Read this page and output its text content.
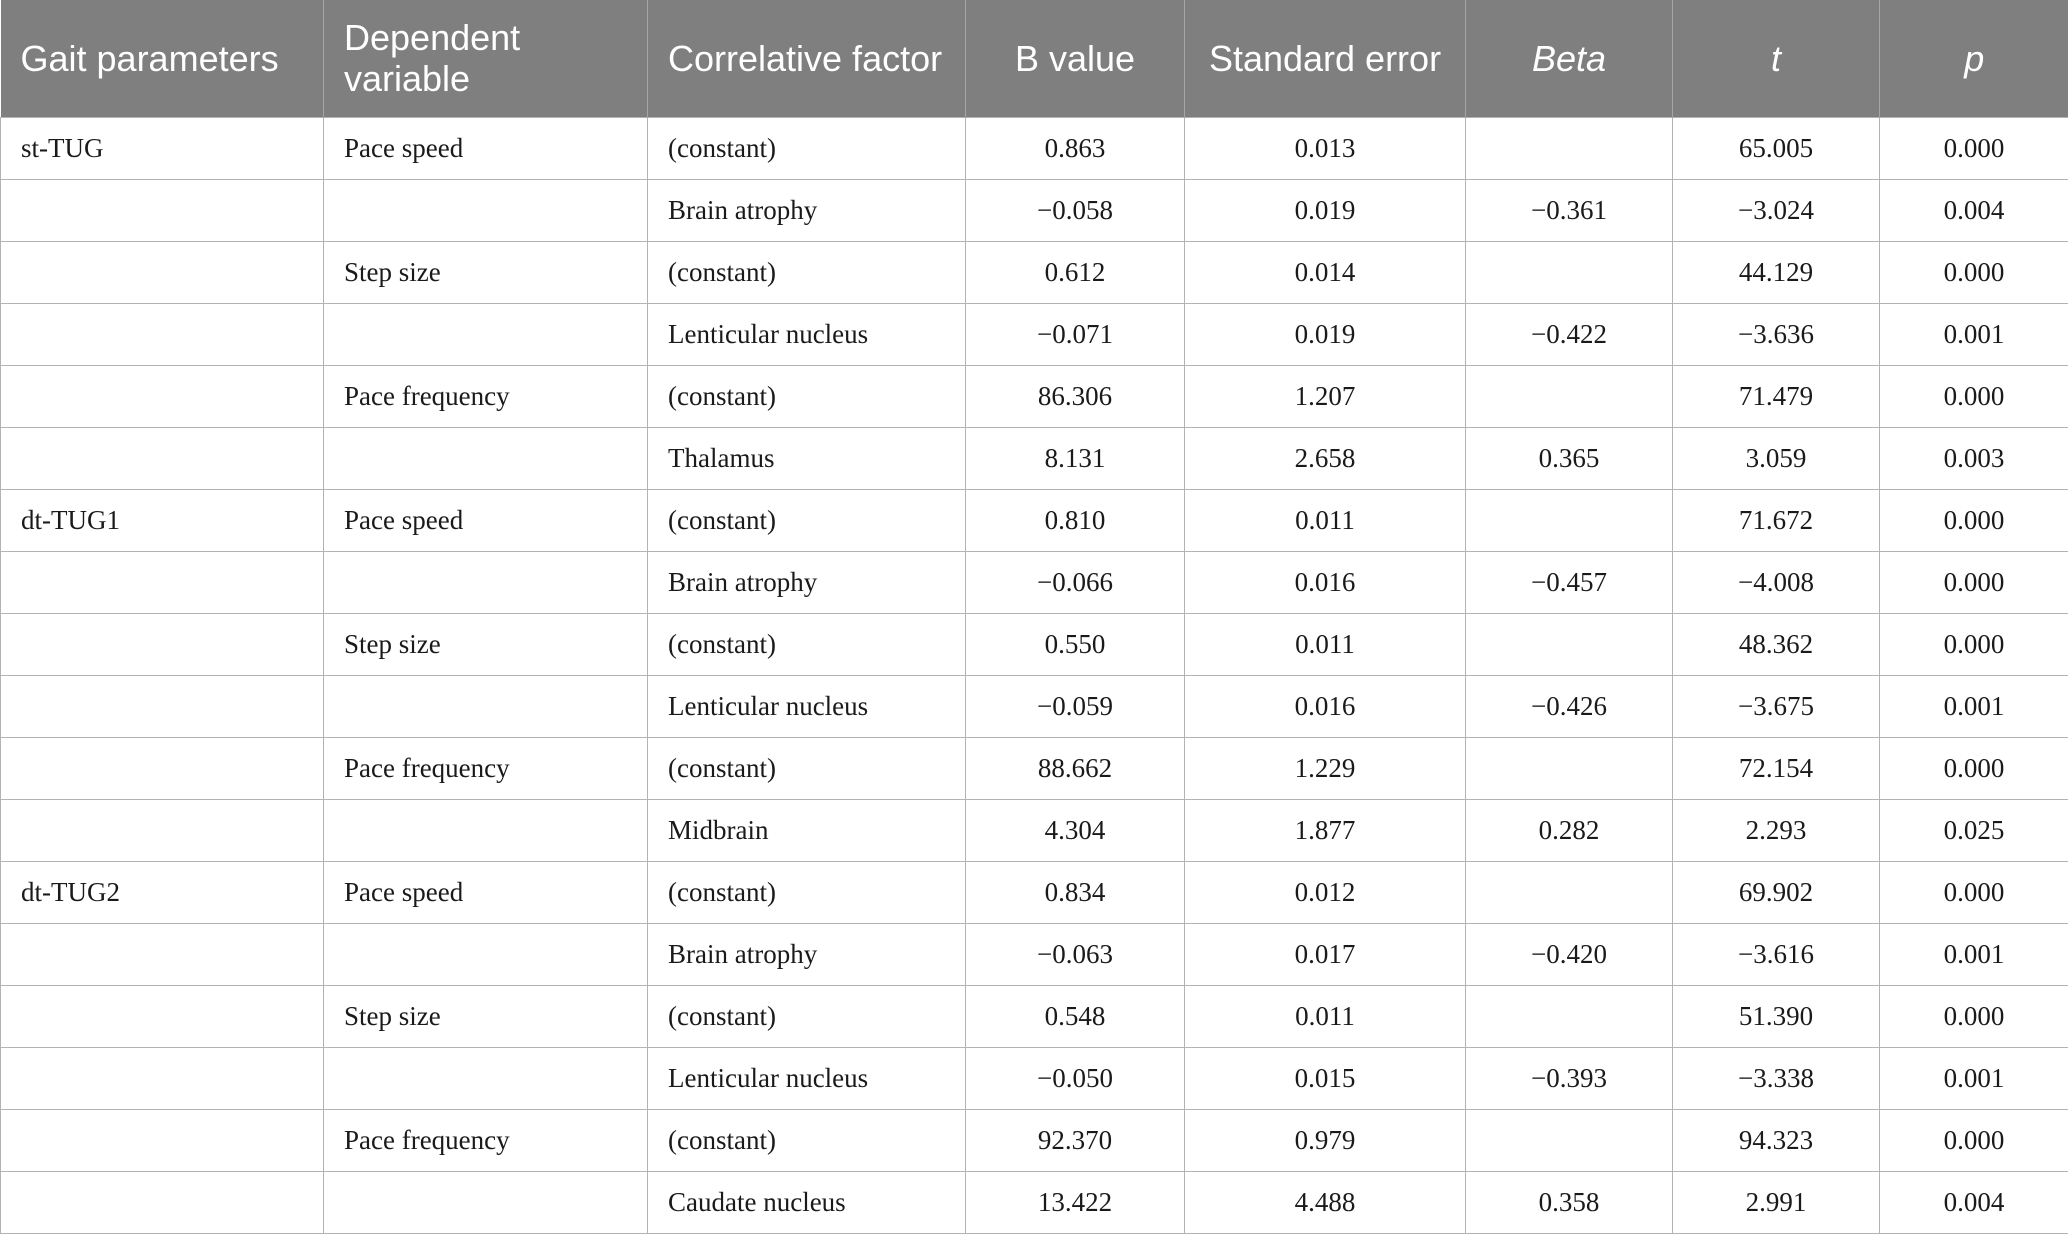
Gait parameters	Dependent variable	Correlative factor	B value	Standard error	Beta	t	p
st-TUG	Pace speed	(constant)	0.863	0.013		65.005	0.000
		Brain atrophy	−0.058	0.019	−0.361	−3.024	0.004
	Step size	(constant)	0.612	0.014		44.129	0.000
		Lenticular nucleus	−0.071	0.019	−0.422	−3.636	0.001
	Pace frequency	(constant)	86.306	1.207		71.479	0.000
		Thalamus	8.131	2.658	0.365	3.059	0.003
dt-TUG1	Pace speed	(constant)	0.810	0.011		71.672	0.000
		Brain atrophy	−0.066	0.016	−0.457	−4.008	0.000
	Step size	(constant)	0.550	0.011		48.362	0.000
		Lenticular nucleus	−0.059	0.016	−0.426	−3.675	0.001
	Pace frequency	(constant)	88.662	1.229		72.154	0.000
		Midbrain	4.304	1.877	0.282	2.293	0.025
dt-TUG2	Pace speed	(constant)	0.834	0.012		69.902	0.000
		Brain atrophy	−0.063	0.017	−0.420	−3.616	0.001
	Step size	(constant)	0.548	0.011		51.390	0.000
		Lenticular nucleus	−0.050	0.015	−0.393	−3.338	0.001
	Pace frequency	(constant)	92.370	0.979		94.323	0.000
		Caudate nucleus	13.422	4.488	0.358	2.991	0.004
